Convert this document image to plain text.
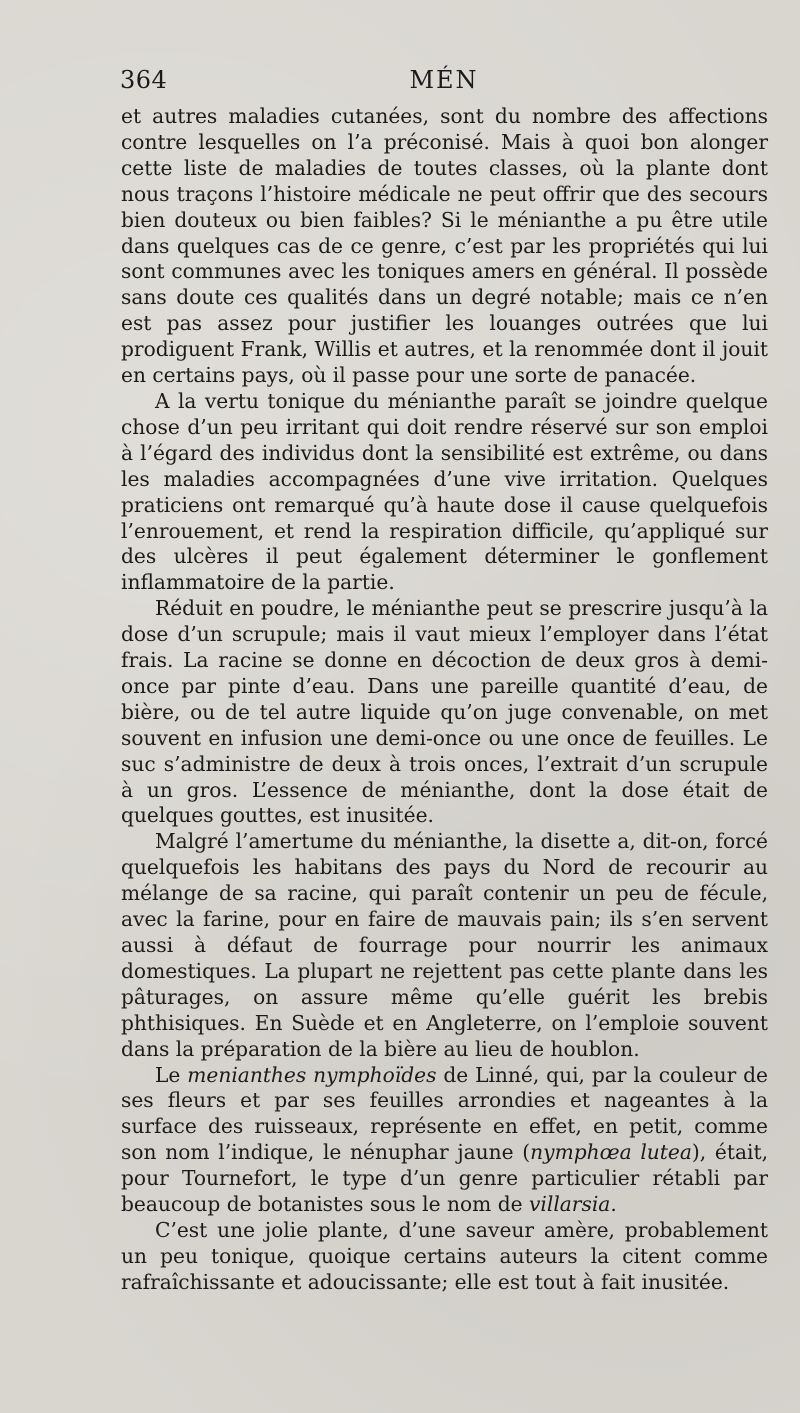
364	MÉN

et autres maladies cutanées, sont du nombre des affections contre lesquelles on l’a préconisé. Mais à quoi bon alonger cette liste de maladies de toutes classes, où la plante dont nous traçons l’histoire médicale ne peut offrir que des secours bien douteux ou bien faibles? Si le ménianthe a pu être utile dans quelques cas de ce genre, c’est par les propriétés qui lui sont communes avec les toniques amers en général. Il possède sans doute ces qualités dans un degré notable; mais ce n’en est pas assez pour justifier les louanges outrées que lui prodiguent Frank, Willis et autres, et la renommée dont il jouit en certains pays, où il passe pour une sorte de panacée.

A la vertu tonique du ménianthe paraît se joindre quelque chose d’un peu irritant qui doit rendre réservé sur son emploi à l’égard des individus dont la sensibilité est extrême, ou dans les maladies accompagnées d’une vive irritation. Quelques praticiens ont remarqué qu’à haute dose il cause quelquefois l’enrouement, et rend la respiration difficile, qu’appliqué sur des ulcères il peut également déterminer le gonflement inflammatoire de la partie.

Réduit en poudre, le ménianthe peut se prescrire jusqu’à la dose d’un scrupule; mais il vaut mieux l’employer dans l’état frais. La racine se donne en décoction de deux gros à demi-once par pinte d’eau. Dans une pareille quantité d’eau, de bière, ou de tel autre liquide qu’on juge convenable, on met souvent en infusion une demi-once ou une once de feuilles. Le suc s’administre de deux à trois onces, l’extrait d’un scrupule à un gros. L’essence de ménianthe, dont la dose était de quelques gouttes, est inusitée.

Malgré l’amertume du ménianthe, la disette a, dit-on, forcé quelquefois les habitans des pays du Nord de recourir au mélange de sa racine, qui paraît contenir un peu de fécule, avec la farine, pour en faire de mauvais pain; ils s’en servent aussi à défaut de fourrage pour nourrir les animaux domestiques. La plupart ne rejettent pas cette plante dans les pâturages, on assure même qu’elle guérit les brebis phthisiques. En Suède et en Angleterre, on l’emploie souvent dans la préparation de la bière au lieu de houblon.

Le menianthes nymphoïdes de Linné, qui, par la couleur de ses fleurs et par ses feuilles arrondies et nageantes à la surface des ruisseaux, représente en effet, en petit, comme son nom l’indique, le nénuphar jaune (nymphœa lutea), était, pour Tournefort, le type d’un genre particulier rétabli par beaucoup de botanistes sous le nom de villarsia.

C’est une jolie plante, d’une saveur amère, probablement un peu tonique, quoique certains auteurs la citent comme rafraîchissante et adoucissante; elle est tout à fait inusitée.
